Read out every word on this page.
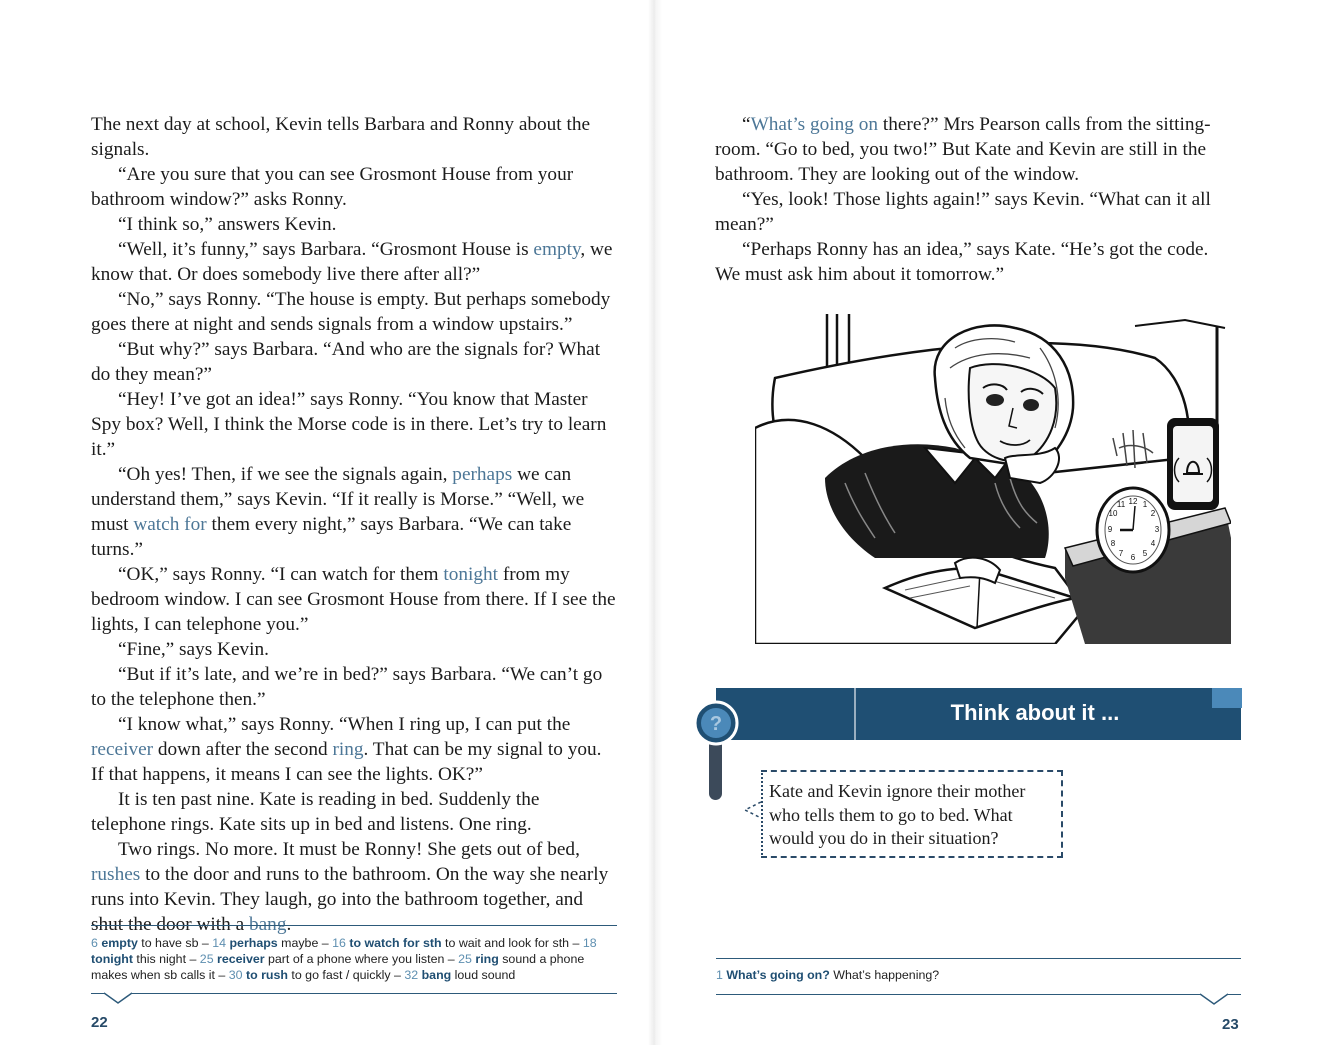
The next day at school, Kevin tells Barbara and Ronny about the signals.

“Are you sure that you can see Grosmont House from your bathroom window?” asks Ronny.

“I think so,” answers Kevin.

“Well, it’s funny,” says Barbara. “Grosmont House is empty, we know that. Or does somebody live there after all?”

“No,” says Ronny. “The house is empty. But perhaps somebody goes there at night and sends signals from a window upstairs.”

“But why?” says Barbara. “And who are the signals for? What do they mean?”

“Hey! I’ve got an idea!” says Ronny. “You know that Master Spy box? Well, I think the Morse code is in there. Let’s try to learn it.”

“Oh yes! Then, if we see the signals again, perhaps we can understand them,” says Kevin. “If it really is Morse.” “Well, we must watch for them every night,” says Barbara. “We can take turns.”

“OK,” says Ronny. “I can watch for them tonight from my bedroom window. I can see Grosmont House from there. If I see the lights, I can telephone you.”

“Fine,” says Kevin.

“But if it’s late, and we’re in bed?” says Barbara. “We can’t go to the telephone then.”

“I know what,” says Ronny. “When I ring up, I can put the receiver down after the second ring. That can be my signal to you. If that happens, it means I can see the lights. OK?”

It is ten past nine. Kate is reading in bed. Suddenly the telephone rings. Kate sits up in bed and listens. One ring.

Two rings. No more. It must be Ronny! She gets out of bed, rushes to the door and runs to the bathroom. On the way she nearly runs into Kevin. They laugh, go into the bathroom together, and shut the door with a bang.

6 empty to have sb – 14 perhaps maybe – 16 to watch for sth to wait and look for sth – 18 tonight this night – 25 receiver part of a phone where you listen – 25 ring sound a phone makes when sb calls it – 30 to rush to go fast / quickly – 32 bang loud sound
22

“What’s going on there?” Mrs Pearson calls from the sitting-room. “Go to bed, you two!” But Kate and Kevin are still in the bathroom. They are looking out of the window.

“Yes, look! Those lights again!” says Kevin. “What can it all mean?”

“Perhaps Ronny has an idea,” says Kate. “He’s got the code. We must ask him about it tomorrow.”

12
11 1
10	2
9	3
8	4
7 6 5
Think about it ...
?
Kate and Kevin ignore their mother who tells them to go to bed. What would you do in their situation?
1 What’s going on? What’s happening?
23
